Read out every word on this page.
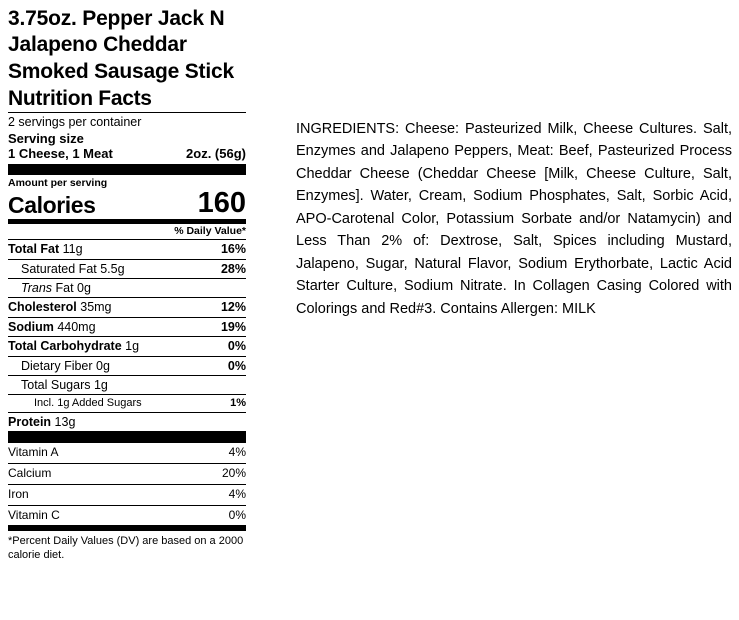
3.75oz. Pepper Jack N Jalapeno Cheddar Smoked Sausage Stick
Nutrition Facts
2 servings per container
Serving size
1 Cheese, 1 Meat	2oz. (56g)
Amount per serving
Calories	160
% Daily Value*
Total Fat 11g	16%
Saturated Fat 5.5g	28%
Trans Fat 0g
Cholesterol 35mg	12%
Sodium 440mg	19%
Total Carbohydrate 1g	0%
Dietary Fiber 0g	0%
Total Sugars 1g
Incl. 1g Added Sugars	1%
Protein 13g
Vitamin A	4%
Calcium	20%
Iron	4%
Vitamin C	0%
*Percent Daily Values (DV) are based on a 2000 calorie diet.
INGREDIENTS: Cheese: Pasteurized Milk, Cheese Cultures. Salt, Enzymes and Jalapeno Peppers, Meat: Beef, Pasteurized Process Cheddar Cheese (Cheddar Cheese [Milk, Cheese Culture, Salt, Enzymes]. Water, Cream, Sodium Phosphates, Salt, Sorbic Acid, APO-Carotenal Color, Potassium Sorbate and/or Natamycin) and Less Than 2% of: Dextrose, Salt, Spices including Mustard, Jalapeno, Sugar, Natural Flavor, Sodium Erythorbate, Lactic Acid Starter Culture, Sodium Nitrate. In Collagen Casing Colored with Colorings and Red#3. Contains Allergen: MILK
